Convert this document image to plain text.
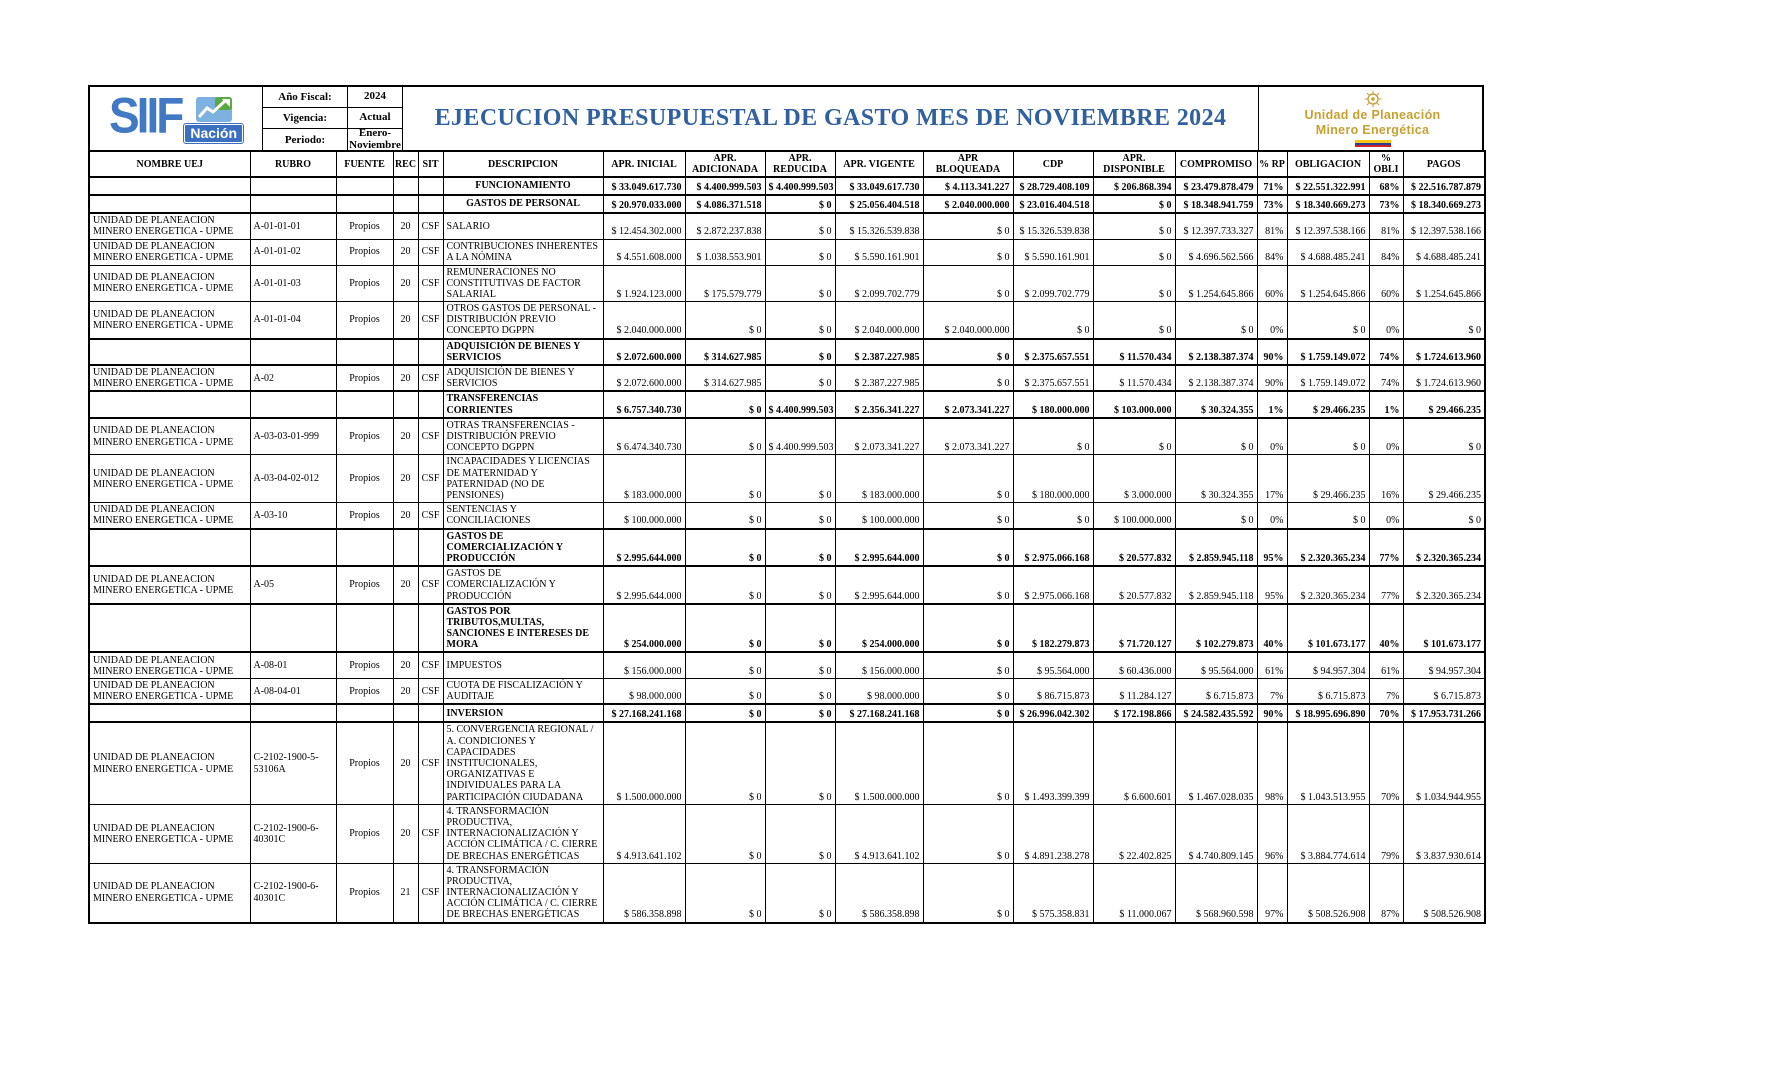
SIIF Nación
Año Fiscal:	2024
Vigencia:	Actual
Periodo:
Enero-Noviembre
EJECUCION PRESUPUESTAL DE GASTO MES DE NOVIEMBRE 2024	Unidad de Planeación
Minero Energética
NOMBRE UEJ	RUBRO	FUENTE	REC	SIT	DESCRIPCION	APR. INICIAL	APR. ADICIONADA	APR. REDUCIDA	APR. VIGENTE	APR BLOQUEADA	CDP	APR. DISPONIBLE	COMPROMISO	% RP	OBLIGACION	% OBLI	PAGOS
					FUNCIONAMIENTO	$ 33.049.617.730	$ 4.400.999.503	$ 4.400.999.503	$ 33.049.617.730	$ 4.113.341.227	$ 28.729.408.109	$ 206.868.394	$ 23.479.878.479	71%	$ 22.551.322.991	68%	$ 22.516.787.879
					GASTOS DE PERSONAL	$ 20.970.033.000	$ 4.086.371.518	$ 0	$ 25.056.404.518	$ 2.040.000.000	$ 23.016.404.518	$ 0	$ 18.348.941.759	73%	$ 18.340.669.273	73%	$ 18.340.669.273
UNIDAD DE PLANEACION MINERO ENERGETICA - UPME	A-01-01-01	Propios	20	CSF	SALARIO	$ 12.454.302.000	$ 2.872.237.838	$ 0	$ 15.326.539.838	$ 0	$ 15.326.539.838	$ 0	$ 12.397.733.327	81%	$ 12.397.538.166	81%	$ 12.397.538.166
UNIDAD DE PLANEACION MINERO ENERGETICA - UPME	A-01-01-02	Propios	20	CSF	CONTRIBUCIONES INHERENTES A LA NÓMINA	$ 4.551.608.000	$ 1.038.553.901	$ 0	$ 5.590.161.901	$ 0	$ 5.590.161.901	$ 0	$ 4.696.562.566	84%	$ 4.688.485.241	84%	$ 4.688.485.241
UNIDAD DE PLANEACION MINERO ENERGETICA - UPME	A-01-01-03	Propios	20	CSF	REMUNERACIONES NO CONSTITUTIVAS DE FACTOR SALARIAL	$ 1.924.123.000	$ 175.579.779	$ 0	$ 2.099.702.779	$ 0	$ 2.099.702.779	$ 0	$ 1.254.645.866	60%	$ 1.254.645.866	60%	$ 1.254.645.866
UNIDAD DE PLANEACION MINERO ENERGETICA - UPME	A-01-01-04	Propios	20	CSF	OTROS GASTOS DE PERSONAL - DISTRIBUCIÓN PREVIO CONCEPTO DGPPN	$ 2.040.000.000	$ 0	$ 0	$ 2.040.000.000	$ 2.040.000.000	$ 0	$ 0	$ 0	0%	$ 0	0%	$ 0
					ADQUISICIÓN DE BIENES Y SERVICIOS	$ 2.072.600.000	$ 314.627.985	$ 0	$ 2.387.227.985	$ 0	$ 2.375.657.551	$ 11.570.434	$ 2.138.387.374	90%	$ 1.759.149.072	74%	$ 1.724.613.960
UNIDAD DE PLANEACION MINERO ENERGETICA - UPME	A-02	Propios	20	CSF	ADQUISICIÓN DE BIENES Y SERVICIOS	$ 2.072.600.000	$ 314.627.985	$ 0	$ 2.387.227.985	$ 0	$ 2.375.657.551	$ 11.570.434	$ 2.138.387.374	90%	$ 1.759.149.072	74%	$ 1.724.613.960
					TRANSFERENCIAS CORRIENTES	$ 6.757.340.730	$ 0	$ 4.400.999.503	$ 2.356.341.227	$ 2.073.341.227	$ 180.000.000	$ 103.000.000	$ 30.324.355	1%	$ 29.466.235	1%	$ 29.466.235
UNIDAD DE PLANEACION MINERO ENERGETICA - UPME	A-03-03-01-999	Propios	20	CSF	OTRAS TRANSFERENCIAS - DISTRIBUCIÓN PREVIO CONCEPTO DGPPN	$ 6.474.340.730	$ 0	$ 4.400.999.503	$ 2.073.341.227	$ 2.073.341.227	$ 0	$ 0	$ 0	0%	$ 0	0%	$ 0
UNIDAD DE PLANEACION MINERO ENERGETICA - UPME	A-03-04-02-012	Propios	20	CSF	INCAPACIDADES Y LICENCIAS DE MATERNIDAD Y PATERNIDAD (NO DE PENSIONES)	$ 183.000.000	$ 0	$ 0	$ 183.000.000	$ 0	$ 180.000.000	$ 3.000.000	$ 30.324.355	17%	$ 29.466.235	16%	$ 29.466.235
UNIDAD DE PLANEACION MINERO ENERGETICA - UPME	A-03-10	Propios	20	CSF	SENTENCIAS Y CONCILIACIONES	$ 100.000.000	$ 0	$ 0	$ 100.000.000	$ 0	$ 0	$ 100.000.000	$ 0	0%	$ 0	0%	$ 0
					GASTOS DE COMERCIALIZACIÓN Y PRODUCCIÓN	$ 2.995.644.000	$ 0	$ 0	$ 2.995.644.000	$ 0	$ 2.975.066.168	$ 20.577.832	$ 2.859.945.118	95%	$ 2.320.365.234	77%	$ 2.320.365.234
UNIDAD DE PLANEACION MINERO ENERGETICA - UPME	A-05	Propios	20	CSF	GASTOS DE COMERCIALIZACIÓN Y PRODUCCIÓN	$ 2.995.644.000	$ 0	$ 0	$ 2.995.644.000	$ 0	$ 2.975.066.168	$ 20.577.832	$ 2.859.945.118	95%	$ 2.320.365.234	77%	$ 2.320.365.234
					GASTOS POR TRIBUTOS,MULTAS, SANCIONES E INTERESES DE MORA	$ 254.000.000	$ 0	$ 0	$ 254.000.000	$ 0	$ 182.279.873	$ 71.720.127	$ 102.279.873	40%	$ 101.673.177	40%	$ 101.673.177
UNIDAD DE PLANEACION MINERO ENERGETICA - UPME	A-08-01	Propios	20	CSF	IMPUESTOS	$ 156.000.000	$ 0	$ 0	$ 156.000.000	$ 0	$ 95.564.000	$ 60.436.000	$ 95.564.000	61%	$ 94.957.304	61%	$ 94.957.304
UNIDAD DE PLANEACION MINERO ENERGETICA - UPME	A-08-04-01	Propios	20	CSF	CUOTA DE FISCALIZACIÓN Y AUDITAJE	$ 98.000.000	$ 0	$ 0	$ 98.000.000	$ 0	$ 86.715.873	$ 11.284.127	$ 6.715.873	7%	$ 6.715.873	7%	$ 6.715.873
					INVERSION	$ 27.168.241.168	$ 0	$ 0	$ 27.168.241.168	$ 0	$ 26.996.042.302	$ 172.198.866	$ 24.582.435.592	90%	$ 18.995.696.890	70%	$ 17.953.731.266
UNIDAD DE PLANEACION MINERO ENERGETICA - UPME	C-2102-1900-5-53106A	Propios	20	CSF	5. CONVERGENCIA REGIONAL / A. CONDICIONES Y CAPACIDADES INSTITUCIONALES, ORGANIZATIVAS E INDIVIDUALES PARA LA PARTICIPACIÓN CIUDADANA	$ 1.500.000.000	$ 0	$ 0	$ 1.500.000.000	$ 0	$ 1.493.399.399	$ 6.600.601	$ 1.467.028.035	98%	$ 1.043.513.955	70%	$ 1.034.944.955
UNIDAD DE PLANEACION MINERO ENERGETICA - UPME	C-2102-1900-6-40301C	Propios	20	CSF	4. TRANSFORMACIÓN PRODUCTIVA, INTERNACIONALIZACIÓN Y ACCIÓN CLIMÁTICA / C. CIERRE DE BRECHAS ENERGÉTICAS	$ 4.913.641.102	$ 0	$ 0	$ 4.913.641.102	$ 0	$ 4.891.238.278	$ 22.402.825	$ 4.740.809.145	96%	$ 3.884.774.614	79%	$ 3.837.930.614
UNIDAD DE PLANEACION MINERO ENERGETICA - UPME	C-2102-1900-6-40301C	Propios	21	CSF	4. TRANSFORMACIÓN PRODUCTIVA, INTERNACIONALIZACIÓN Y ACCIÓN CLIMÁTICA / C. CIERRE DE BRECHAS ENERGÉTICAS	$ 586.358.898	$ 0	$ 0	$ 586.358.898	$ 0	$ 575.358.831	$ 11.000.067	$ 568.960.598	97%	$ 508.526.908	87%	$ 508.526.908
